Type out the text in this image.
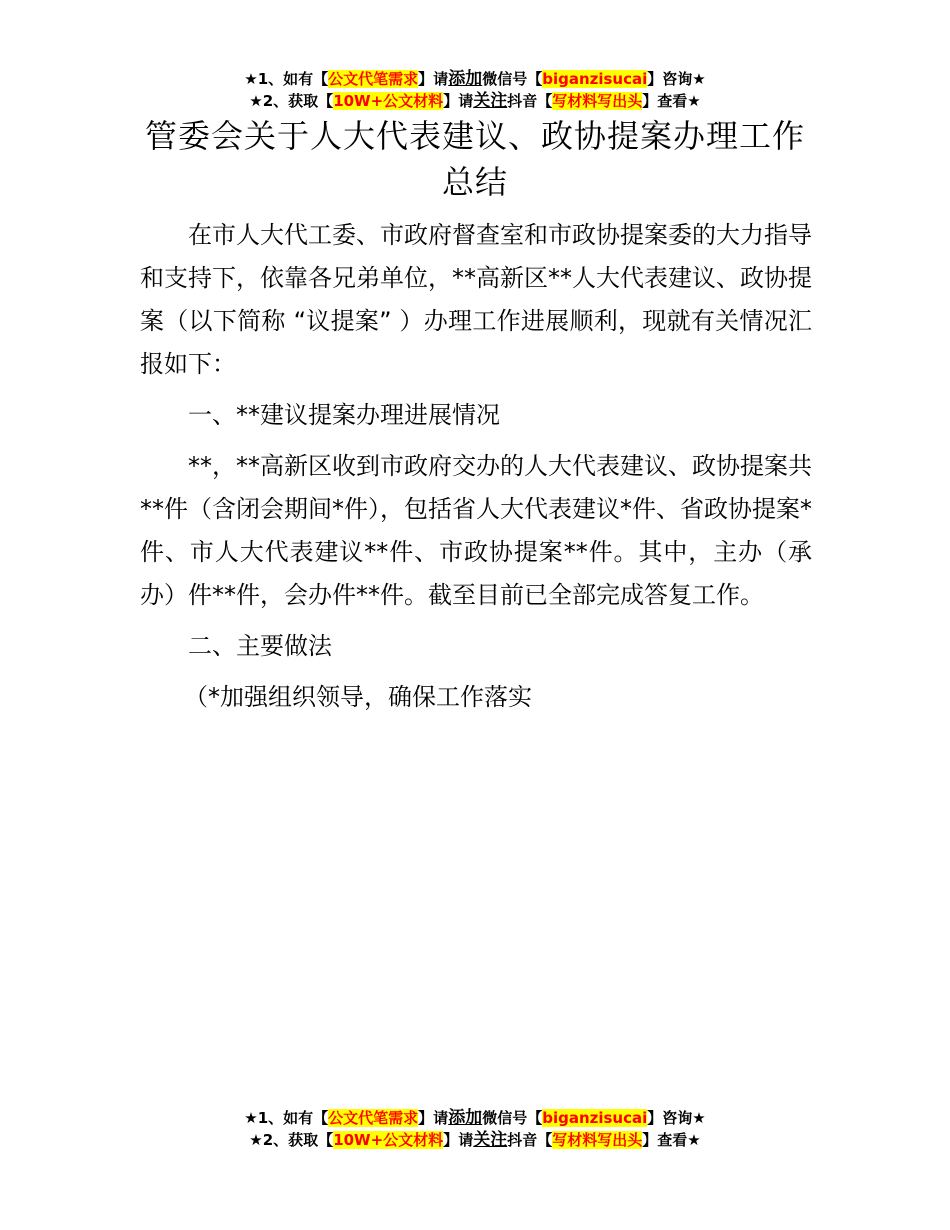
★1、如有【公文代笔需求】请添加微信号【biganzisucai】咨询★
★2、获取【10W+公文材料】请关注抖音【写材料写出头】查看★
管委会关于人大代表建议、政协提案办理工作
总结

在市人大代工委、市政府督查室和市政协提案委的大力指导和支持下，依靠各兄弟单位，**高新区**人大代表建议、政协提案（以下简称 “议提案” ）办理工作进展顺利，现就有关情况汇报如下：

一、**建议提案办理进展情况

**，**高新区收到市政府交办的人大代表建议、政协提案共**件（含闭会期间*件），包括省人大代表建议*件、省政协提案*件、市人大代表建议**件、市政协提案**件。其中，主办（承办）件**件，会办件**件。截至目前已全部完成答复工作。

二、主要做法

（*加强组织领导，确保工作落实

★1、如有【公文代笔需求】请添加微信号【biganzisucai】咨询★
★2、获取【10W+公文材料】请关注抖音【写材料写出头】查看★
